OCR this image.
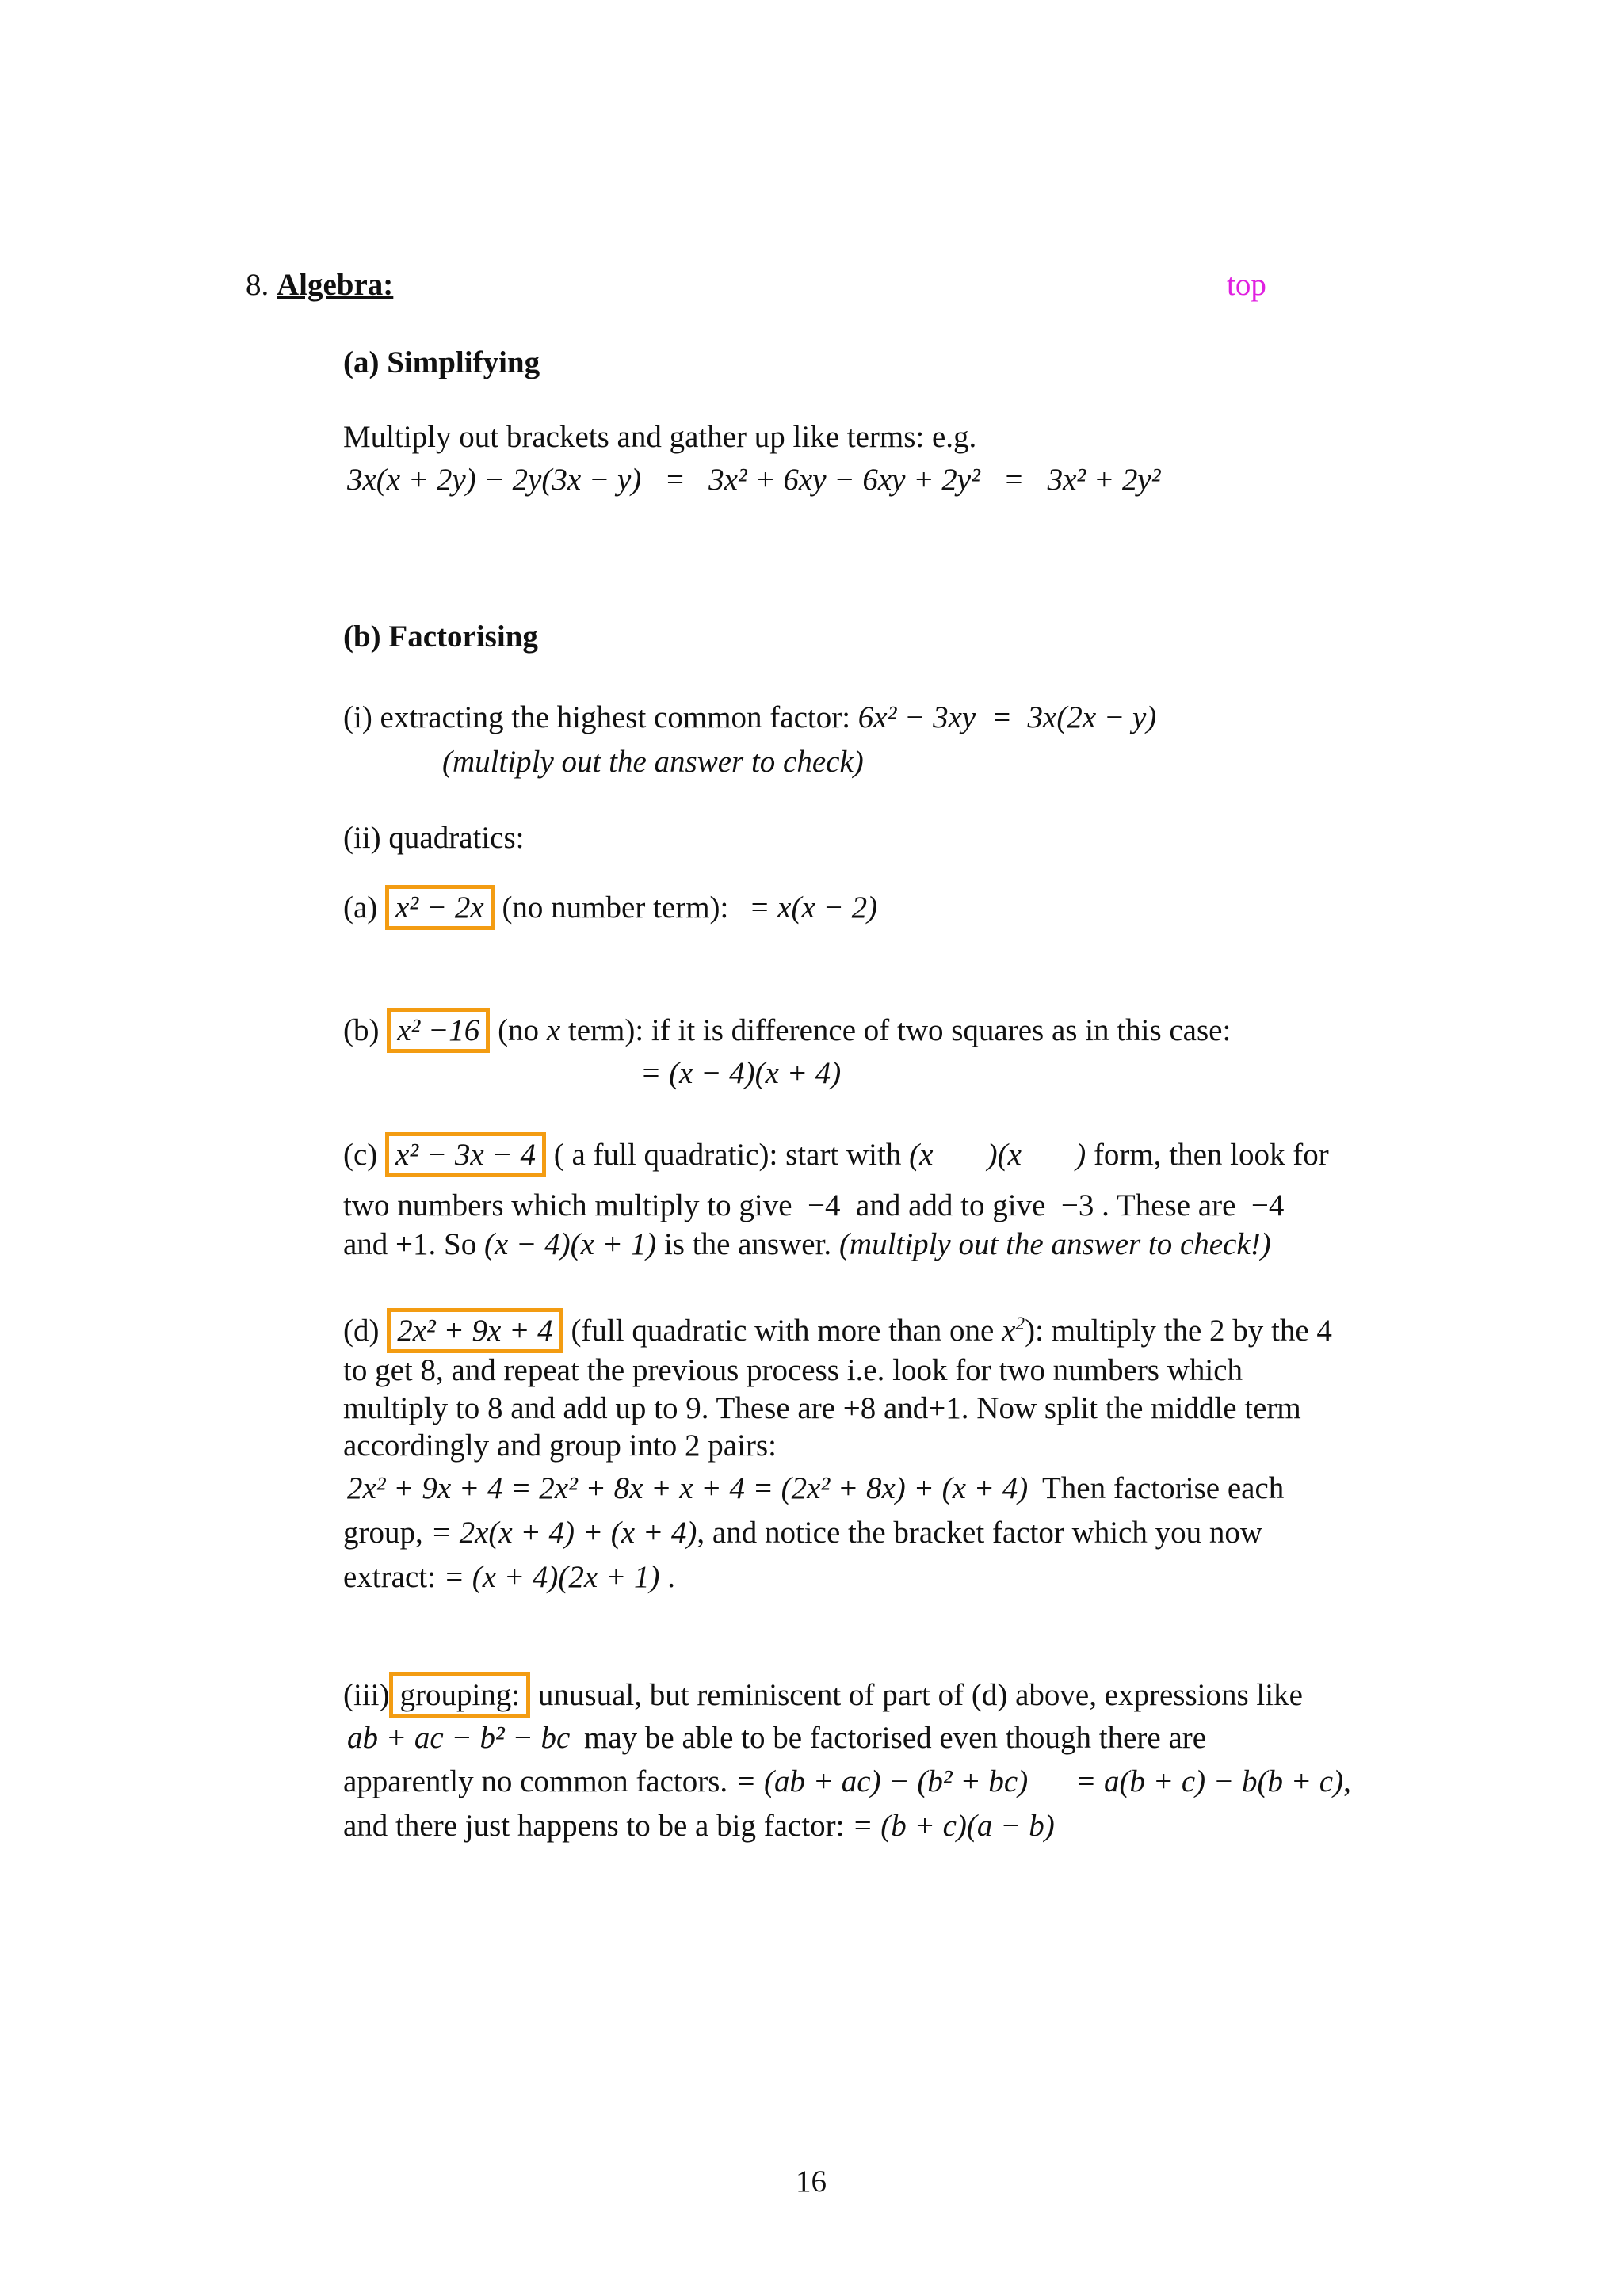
8. Algebra:	top
(a) Simplifying
Multiply out brackets and gather up like terms: e.g.
3x(x + 2y) − 2y(3x − y)   =   3x² + 6xy − 6xy + 2y²   =   3x² + 2y²
(b) Factorising
(i) extracting the highest common factor: 6x² − 3xy  =  3x(2x − y)
(multiply out the answer to check)
(ii) quadratics:
(a) x² − 2x (no number term): = x(x − 2)
(b) x² −16 (no x term): if it is difference of two squares as in this case:
= (x − 4)(x + 4)
(c) x² − 3x − 4 ( a full quadratic): start with (x       )(x       ) form, then look for
two numbers which multiply to give  −4  and add to give  −3 . These are  −4
and +1. So (x − 4)(x + 1) is the answer. (multiply out the answer to check!)
(d) 2x² + 9x + 4 (full quadratic with more than one $x^2$): multiply the 2 by the 4
to get 8, and repeat the previous process i.e. look for two numbers which
multiply to 8 and add up to 9. These are +8 and+1. Now split the middle term
accordingly and group into 2 pairs:
2x² + 9x + 4 = 2x² + 8x + x + 4 = (2x² + 8x) + (x + 4) Then factorise each
group, = 2x(x + 4) + (x + 4), and notice the bracket factor which you now
extract: = (x + 4)(2x + 1) .
(iii) grouping: unusual, but reminiscent of part of (d) above, expressions like
ab + ac − b² − bc may be able to be factorised even though there are
apparently no common factors. = (ab + ac) − (b² + bc) = a(b + c) − b(b + c),
and there just happens to be a big factor: = (b + c)(a − b)
16
